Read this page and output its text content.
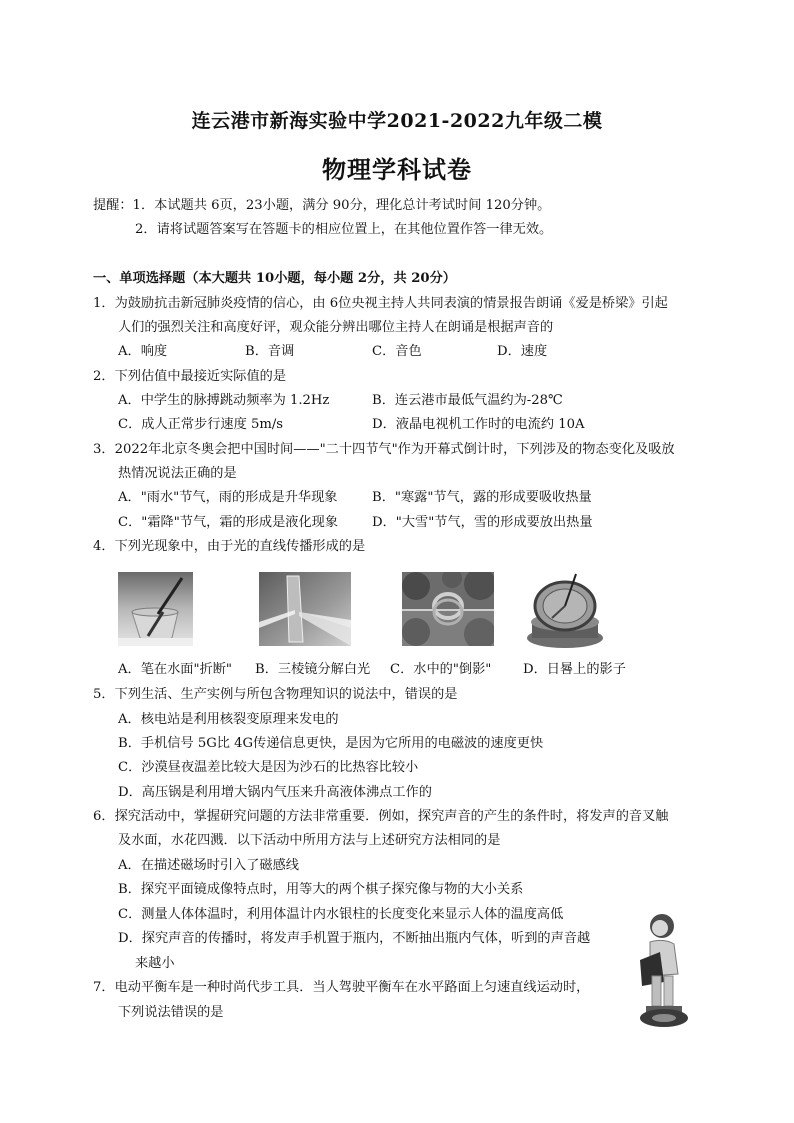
连云港市新海实验中学2021-2022九年级二模
物理学科试卷
提醒：1．本试题共 6页，23小题，满分 90分，理化总计考试时间 120分钟。
2．请将试题答案写在答题卡的相应位置上，在其他位置作答一律无效。
一、单项选择题（本大题共 10小题，每小题 2分，共 20分）
1．为鼓励抗击新冠肺炎疫情的信心，由 6位央视主持人共同表演的情景报告朗诵《爱是桥梁》引起
人们的强烈关注和高度好评，观众能分辨出哪位主持人在朗诵是根据声音的
A．响度	B．音调	C．音色	D．速度
2．下列估值中最接近实际值的是
A．中学生的脉搏跳动频率为 1.2Hz	B．连云港市最低气温约为-28℃
C．成人正常步行速度 5m/s	D．液晶电视机工作时的电流约 10A
3．2022年北京冬奥会把中国时间——"二十四节气"作为开幕式倒计时，下列涉及的物态变化及吸放
热情况说法正确的是
A．"雨水"节气，雨的形成是升华现象	B．"寒露"节气，露的形成要吸收热量
C．"霜降"节气，霜的形成是液化现象	D．"大雪"节气，雪的形成要放出热量
4．下列光现象中，由于光的直线传播形成的是
A．笔在水面"折断" B．三棱镜分解白光 C．水中的"倒影" D．日晷上的影子
5．下列生活、生产实例与所包含物理知识的说法中，错误的是
A．核电站是利用核裂变原理来发电的
B．手机信号 5G比 4G传递信息更快，是因为它所用的电磁波的速度更快
C．沙漠昼夜温差比较大是因为沙石的比热容比较小
D．高压锅是利用增大锅内气压来升高液体沸点工作的
6．探究活动中，掌握研究问题的方法非常重要．例如，探究声音的产生的条件时，将发声的音叉触
及水面，水花四溅．以下活动中所用方法与上述研究方法相同的是
A．在描述磁场时引入了磁感线
B．探究平面镜成像特点时，用等大的两个棋子探究像与物的大小关系
C．测量人体体温时，利用体温计内水银柱的长度变化来显示人体的温度高低
D．探究声音的传播时，将发声手机置于瓶内，不断抽出瓶内气体，听到的声音越
来越小
7．电动平衡车是一种时尚代步工具．当人驾驶平衡车在水平路面上匀速直线运动时，
下列说法错误的是
